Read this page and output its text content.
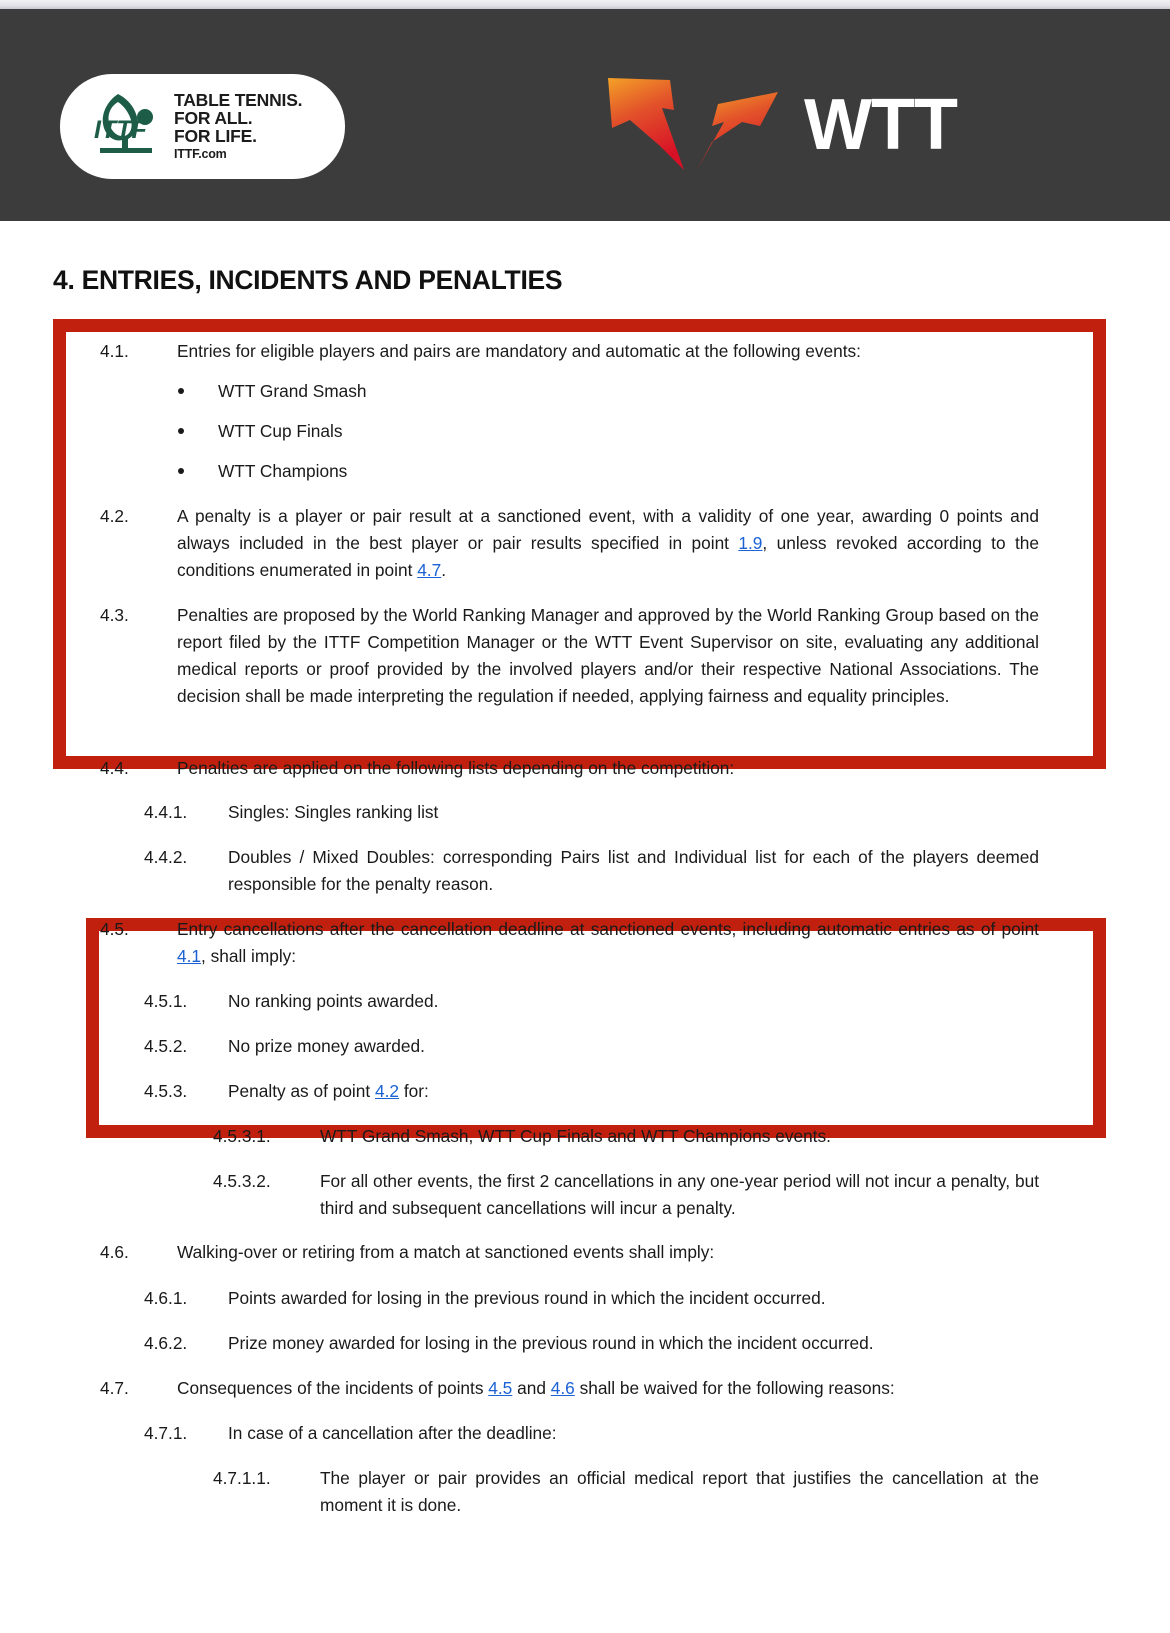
ITTF
TABLE TENNIS.
FOR ALL.
FOR LIFE.
ITTF.com	WTT
4. ENTRIES, INCIDENTS AND PENALTIES
4.1.	Entries for eligible players and pairs are mandatory and automatic at the following events:
WTT Grand Smash
WTT Cup Finals
WTT Champions
4.2.	A penalty is a player or pair result at a sanctioned event, with a validity of one year, awarding 0 points and always included in the best player or pair results specified in point 1.9, unless revoked according to the conditions enumerated in point 4.7.
4.3.	Penalties are proposed by the World Ranking Manager and approved by the World Ranking Group based on the report filed by the ITTF Competition Manager or the WTT Event Supervisor on site, evaluating any additional medical reports or proof provided by the involved players and/or their respective National Associations. The decision shall be made interpreting the regulation if needed, applying fairness and equality principles.
4.4.	Penalties are applied on the following lists depending on the competition:
4.4.1. Singles: Singles ranking list
4.4.2. Doubles / Mixed Doubles: corresponding Pairs list and Individual list for each of the players deemed responsible for the penalty reason.
4.5.	Entry cancellations after the cancellation deadline at sanctioned events, including automatic entries as of point 4.1, shall imply:
4.5.1. No ranking points awarded.
4.5.2. No prize money awarded.
4.5.3. Penalty as of point 4.2 for:
4.5.3.1.	WTT Grand Smash, WTT Cup Finals and WTT Champions events.
4.5.3.2.	For all other events, the first 2 cancellations in any one-year period will not incur a penalty, but third and subsequent cancellations will incur a penalty.
4.6.	Walking-over or retiring from a match at sanctioned events shall imply:
4.6.1. Points awarded for losing in the previous round in which the incident occurred.
4.6.2. Prize money awarded for losing in the previous round in which the incident occurred.
4.7.	Consequences of the incidents of points 4.5 and 4.6 shall be waived for the following reasons:
4.7.1. In case of a cancellation after the deadline:
4.7.1.1.	The player or pair provides an official medical report that justifies the cancellation at the moment it is done.
